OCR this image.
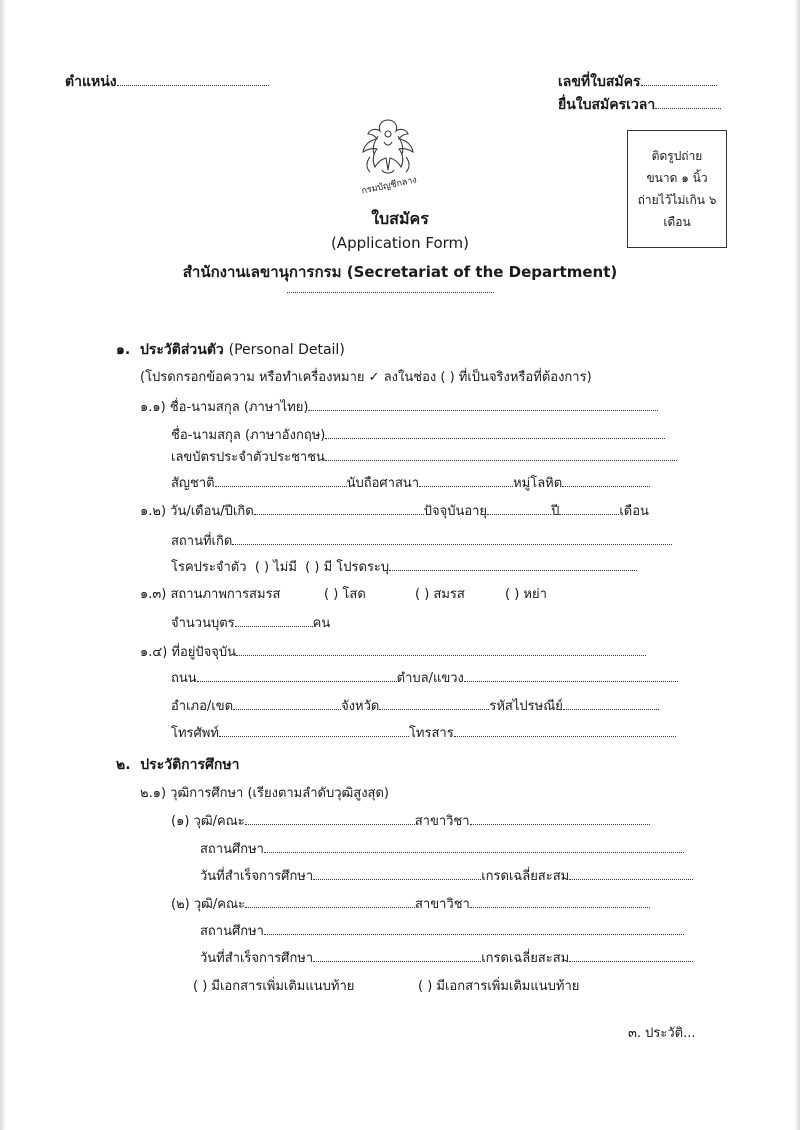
ตำแหน่ง	เลขที่ใบสมัคร
ยื่นใบสมัครเวลา
กรมบัญชีกลาง
ติดรูปถ่าย
ขนาด ๑ นิ้ว
ถ่ายไว้ไม่เกิน ๖
เดือน
ใบสมัคร
(Application Form)
สำนักงานเลขานุการกรม (Secretariat of the Department)
๑. ประวัติส่วนตัว (Personal Detail)
(โปรดกรอกข้อความ หรือทำเครื่องหมาย ✓ ลงในช่อง ( ) ที่เป็นจริงหรือที่ต้องการ)
๑.๑) ชื่อ-นามสกุล (ภาษาไทย)
ชื่อ-นามสกุล (ภาษาอังกฤษ)
เลขบัตรประจำตัวประชาชน
สัญชาติ	นับถือศาสนา	หมู่โลหิต
๑.๒) วัน/เดือน/ปีเกิด	ปัจจุบันอายุ	ปี	เดือน
สถานที่เกิด
โรคประจำตัว ( ) ไม่มี ( ) มี โปรดระบุ
๑.๓) สถานภาพการสมรส	( ) โสด	( ) สมรส	( ) หย่า
จำนวนบุตร	คน
๑.๔) ที่อยู่ปัจจุบัน
ถนน	ตำบล/แขวง
อำเภอ/เขต	จังหวัด	รหัสไปรษณีย์
โทรศัพท์	โทรสาร
๒. ประวัติการศึกษา
๒.๑) วุฒิการศึกษา (เรียงตามลำดับวุฒิสูงสุด)
(๑) วุฒิ/คณะ	สาขาวิชา
สถานศึกษา
วันที่สำเร็จการศึกษา	เกรดเฉลี่ยสะสม
(๒) วุฒิ/คณะ	สาขาวิชา
สถานศึกษา
วันที่สำเร็จการศึกษา	เกรดเฉลี่ยสะสม
( ) มีเอกสารเพิ่มเติมแนบท้าย	( ) มีเอกสารเพิ่มเติมแนบท้าย
๓. ประวัติ...
